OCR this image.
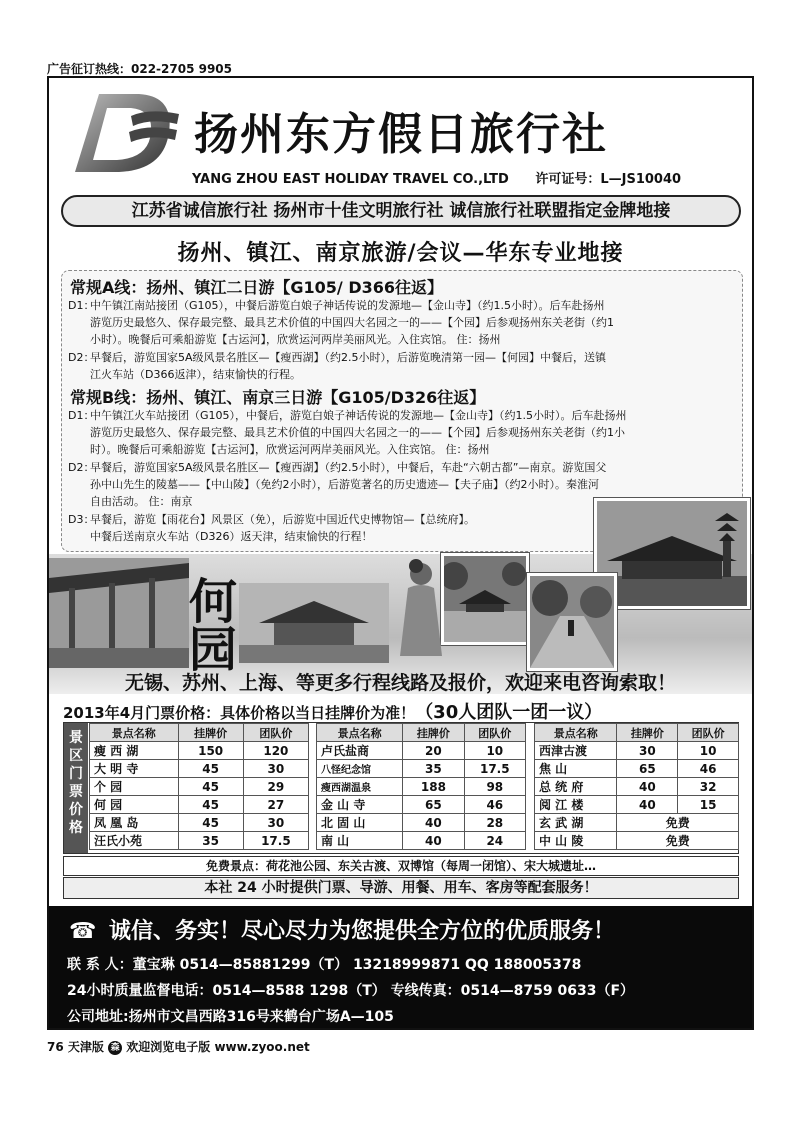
广告征订热线：022-2705 9905
扬州东方假日旅行社
YANG ZHOU EAST HOLIDAY TRAVEL CO.,LTD 许可证号：L—JS10040
江苏省诚信旅行社 扬州市十佳文明旅行社 诚信旅行社联盟指定金牌地接
扬州、镇江、南京旅游/会议—华东专业地接
常规A线：扬州、镇江二日游【G105/ D366往返】
D1：中午镇江南站接团（G105），中餐后游览白娘子神话传说的发源地—【金山寺】（约1.5小时）。后车赴扬州
游览历史最悠久、保存最完整、最具艺术价值的中国四大名园之一的——【个园】后参观扬州东关老街（约1
小时）。晚餐后可乘船游览【古运河】，欣赏运河两岸美丽风光。入住宾馆。 住：扬州
D2：早餐后，游览国家5A级风景名胜区—【瘦西湖】（约2.5小时），后游览晚清第一园—【何园】中餐后，送镇
江火车站（D366返津），结束愉快的行程。
常规B线：扬州、镇江、南京三日游【G105/D326往返】
D1：中午镇江火车站接团（G105），中餐后，游览白娘子神话传说的发源地—【金山寺】（约1.5小时）。后车赴扬州
游览历史最悠久、保存最完整、最具艺术价值的中国四大名园之一的——【个园】后参观扬州东关老街（约1小
时）。晚餐后可乘船游览【古运河】，欣赏运河两岸美丽风光。入住宾馆。 住：扬州
D2：早餐后，游览国家5A级风景名胜区—【瘦西湖】（约2.5小时），中餐后，车赴“六朝古都”—南京。游览国父
孙中山先生的陵墓——【中山陵】（免约2小时），后游览著名的历史遗迹—【夫子庙】（约2小时）。秦淮河
自由活动。 住：南京
D3：早餐后，游览【雨花台】风景区（免），后游览中国近代史博物馆—【总统府】。
中餐后送南京火车站（D326）返天津，结束愉快的行程！
何园
无锡、苏州、上海、等更多行程线路及报价，欢迎来电咨询索取！
2013年4月门票价格：具体价格以当日挂牌价为准！（30人团队一团一议）
景区门票价格
景点名称	挂牌价	团队价
瘦 西 湖	150	120
大 明 寺	45	30
个 园	45	29
何 园	45	27
凤 凰 岛	45	30
汪氏小苑	35	17.5
景点名称	挂牌价	团队价
卢氏盐商	20	10
八怪纪念馆	35	17.5
瘦西湖温泉	188	98
金 山 寺	65	46
北 固 山	40	28
南 山	40	24
景点名称	挂牌价	团队价
西津古渡	30	10
焦 山	65	46
总 统 府	40	32
阅 江 楼	40	15
玄 武 湖	免费	
中 山 陵	免费	
免费景点：荷花池公园、东关古渡、双博馆（每周一闭馆）、宋大城遗址…
本社 24 小时提供门票、导游、用餐、用车、客房等配套服务！
☎ 诚信、务实！尽心尽力为您提供全方位的优质服务！
联 系 人：董宝琳 0514—85881299（T） 13218999871 QQ 188005378
24小时质量监督电话：0514—8588 1298（T） 专线传真：0514—8759 0633（F）
公司地址:扬州市文昌西路316号来鹤台广场A—105
76 天津版 森 欢迎浏览电子版 www.zyoo.net
